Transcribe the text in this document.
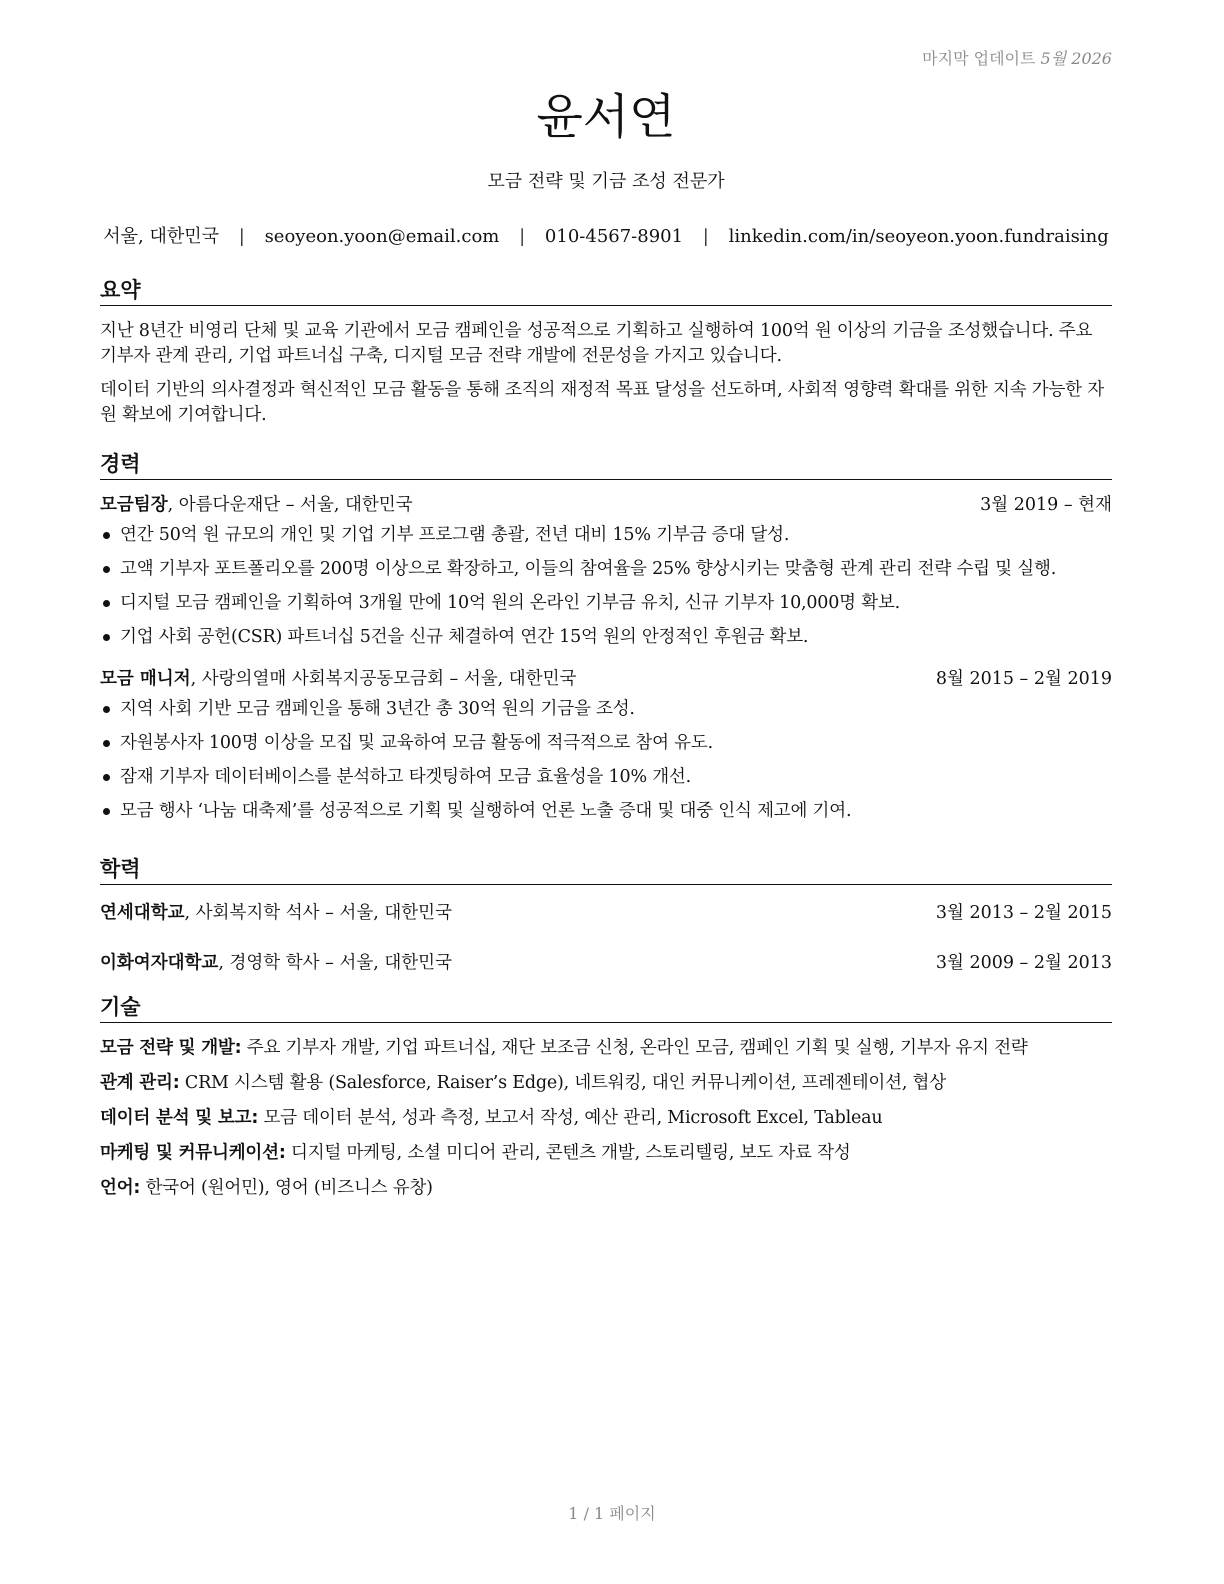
마지막 업데이트 5월 2026
윤서연
모금 전략 및 기금 조성 전문가
서울, 대한민국 | seoyeon.yoon@email.com | 010-4567-8901 | linkedin.com/in/seoyeon.yoon.fundraising
요약

지난 8년간 비영리 단체 및 교육 기관에서 모금 캠페인을 성공적으로 기획하고 실행하여 100억 원 이상의 기금을 조성했습니다. 주요 기부자 관계 관리, 기업 파트너십 구축, 디지털 모금 전략 개발에 전문성을 가지고 있습니다.

데이터 기반의 의사결정과 혁신적인 모금 활동을 통해 조직의 재정적 목표 달성을 선도하며, 사회적 영향력 확대를 위한 지속 가능한 자원 확보에 기여합니다.

경력
모금팀장, 아름다운재단 – 서울, 대한민국	3월 2019 – 현재
연간 50억 원 규모의 개인 및 기업 기부 프로그램 총괄, 전년 대비 15% 기부금 증대 달성.
고액 기부자 포트폴리오를 200명 이상으로 확장하고, 이들의 참여율을 25% 향상시키는 맞춤형 관계 관리 전략 수립 및 실행.
디지털 모금 캠페인을 기획하여 3개월 만에 10억 원의 온라인 기부금 유치, 신규 기부자 10,000명 확보.
기업 사회 공헌(CSR) 파트너십 5건을 신규 체결하여 연간 15억 원의 안정적인 후원금 확보.
모금 매니저, 사랑의열매 사회복지공동모금회 – 서울, 대한민국	8월 2015 – 2월 2019
지역 사회 기반 모금 캠페인을 통해 3년간 총 30억 원의 기금을 조성.
자원봉사자 100명 이상을 모집 및 교육하여 모금 활동에 적극적으로 참여 유도.
잠재 기부자 데이터베이스를 분석하고 타겟팅하여 모금 효율성을 10% 개선.
모금 행사 ‘나눔 대축제’를 성공적으로 기획 및 실행하여 언론 노출 증대 및 대중 인식 제고에 기여.
학력
연세대학교, 사회복지학 석사 – 서울, 대한민국	3월 2013 – 2월 2015
이화여자대학교, 경영학 학사 – 서울, 대한민국	3월 2009 – 2월 2013
기술
모금 전략 및 개발: 주요 기부자 개발, 기업 파트너십, 재단 보조금 신청, 온라인 모금, 캠페인 기획 및 실행, 기부자 유지 전략
관계 관리: CRM 시스템 활용 (Salesforce, Raiser’s Edge), 네트워킹, 대인 커뮤니케이션, 프레젠테이션, 협상
데이터 분석 및 보고: 모금 데이터 분석, 성과 측정, 보고서 작성, 예산 관리, Microsoft Excel, Tableau
마케팅 및 커뮤니케이션: 디지털 마케팅, 소셜 미디어 관리, 콘텐츠 개발, 스토리텔링, 보도 자료 작성
언어: 한국어 (원어민), 영어 (비즈니스 유창)
1 / 1 페이지
